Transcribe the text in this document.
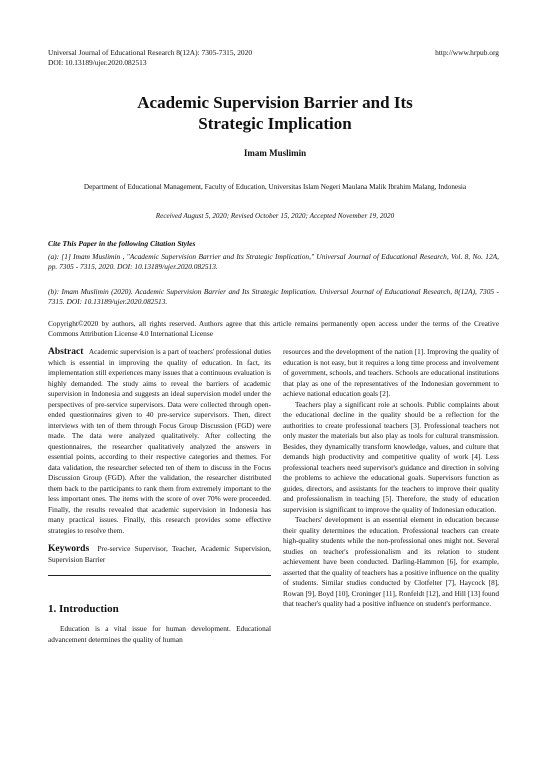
Universal Journal of Educational Research 8(12A): 7305-7315, 2020	http://www.hrpub.org
DOI: 10.13189/ujer.2020.082513
Academic Supervision Barrier and Its
Strategic Implication
Imam Muslimin
Department of Educational Management, Faculty of Education, Universitas Islam Negeri Maulana Malik Ibrahim Malang, Indonesia
Received August 5, 2020; Revised October 15, 2020; Accepted November 19, 2020
Cite This Paper in the following Citation Styles
(a): [1] Imam Muslimin , "Academic Supervision Barrier and Its Strategic Implication," Universal Journal of Educational Research, Vol. 8, No. 12A, pp. 7305 - 7315, 2020. DOI: 10.13189/ujer.2020.082513.
(b): Imam Muslimin (2020). Academic Supervision Barrier and Its Strategic Implication. Universal Journal of Educational Research, 8(12A), 7305 - 7315. DOI: 10.13189/ujer.2020.082513.
Copyright©2020 by authors, all rights reserved. Authors agree that this article remains permanently open access under the terms of the Creative Commons Attribution License 4.0 International License
Abstract Academic supervision is a part of teachers' professional duties which is essential in improving the quality of education. In fact, its implementation still experiences many issues that a continuous evaluation is highly demanded. The study aims to reveal the barriers of academic supervision in Indonesia and suggests an ideal supervision model under the perspectives of pre-service supervisors. Data were collected through open-ended questionnaires given to 40 pre-service supervisors. Then, direct interviews with ten of them through Focus Group Discussion (FGD) were made. The data were analyzed qualitatively. After collecting the questionnaires, the researcher qualitatively analyzed the answers in essential points, according to their respective categories and themes. For data validation, the researcher selected ten of them to discuss in the Focus Discussion Group (FGD). After the validation, the researcher distributed them back to the participants to rank them from extremely important to the less important ones. The items with the score of over 70% were proceeded. Finally, the results revealed that academic supervision in Indonesia has many practical issues. Finally, this research provides some effective strategies to resolve them.
Keywords Pre-service Supervisor, Teacher, Academic Supervision, Supervision Barrier
1. Introduction
Education is a vital issue for human development. Educational advancement determines the quality of human
resources and the development of the nation [1]. Improving the quality of education is not easy, but it requires a long time process and involvement of government, schools, and teachers. Schools are educational institutions that play as one of the representatives of the Indonesian government to achieve national education goals [2].
Teachers play a significant role at schools. Public complaints about the educational decline in the quality should be a reflection for the authorities to create professional teachers [3]. Professional teachers not only master the materials but also play as tools for cultural transmission. Besides, they dynamically transform knowledge, values, and culture that demands high productivity and competitive quality of work [4]. Less professional teachers need supervisor's guidance and direction in solving the problems to achieve the educational goals. Supervisors function as guides, directors, and assistants for the teachers to improve their quality and professionalism in teaching [5]. Therefore, the study of education supervision is significant to improve the quality of Indonesian education.
Teachers' development is an essential element in education because their quality determines the education. Professional teachers can create high-quality students while the non-professional ones might not. Several studies on teacher's professionalism and its relation to student achievement have been conducted. Darling-Hammon [6], for example, asserted that the quality of teachers has a positive influence on the quality of students. Similar studies conducted by Clotfelter [7], Haycock [8], Rowan [9], Boyd [10], Croninger [11], Ronfeldt [12], and Hill [13] found that teacher's quality had a positive influence on student's performance.
